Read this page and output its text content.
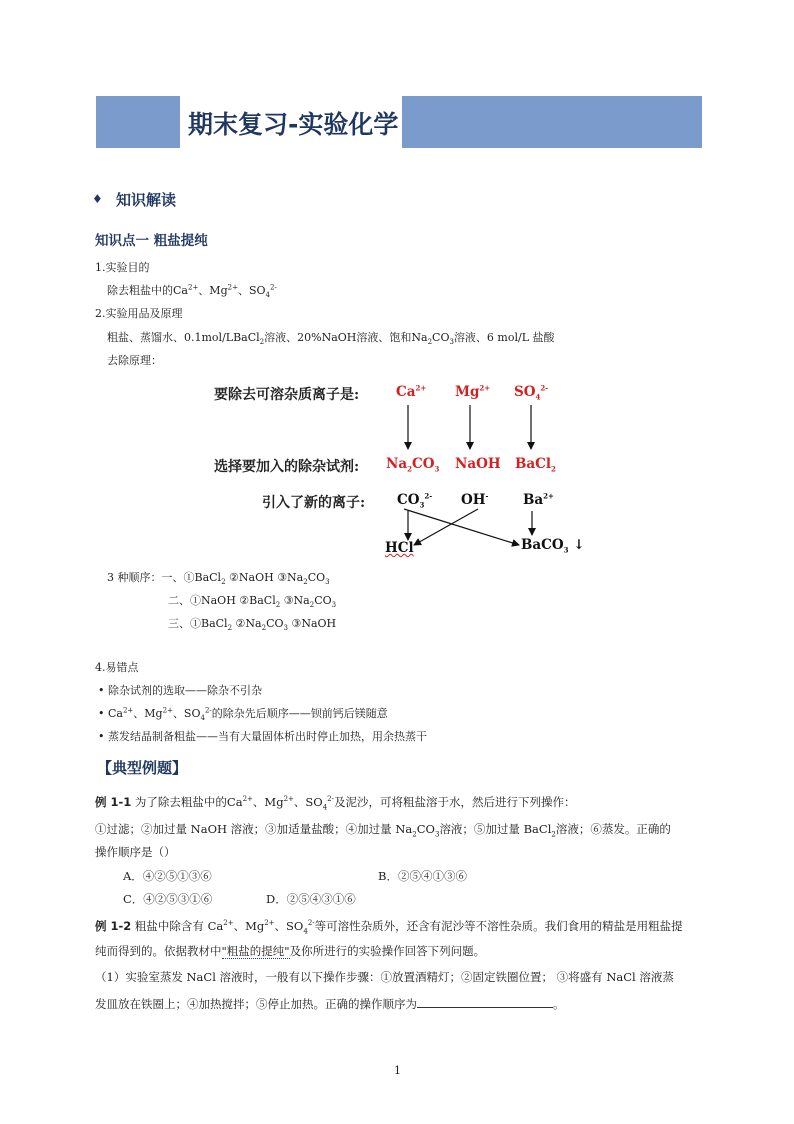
期末复习-实验化学
♦ 知识解读
知识点一 粗盐提纯
1.实验目的
除去粗盐中的$Ca^{2+}$、$Mg^{2+}$、$SO_4^{2-}$
2.实验用品及原理
粗盐、蒸馏水、0.1mol/LBaCl$_2$溶液、20%NaOH溶液、饱和$Na_2CO_3$溶液、6 mol/L 盐酸
去除原理：
要除去可溶杂质离子是:	$Ca^{2+}$ $Mg^{2+}$ $SO_4^{2-}$
选择要加入的除杂试剂: $Na_2CO_3$ NaOH BaCl$_2$
引入了新的离子: $CO_3^{2-}$ OH-	$Ba^{2+}$
HCl	BaCO$_3$ ↓
3 种顺序：一、①BaCl$_2$ ②NaOH $③Na_2CO_3$
二、①NaOH ②BaCl$_2$ $③Na_2CO_3$
三、①BaCl$_2$ $②Na_2CO_3$ ③NaOH
4.易错点
• 除杂试剂的选取——除杂不引杂
• $Ca^{2+}$、$Mg^{2+}$、$SO_4^{2-}$的除杂先后顺序——钡前钙后镁随意
• 蒸发结晶制备粗盐——当有大量固体析出时停止加热，用余热蒸干
【典型例题】
例 1-1 为了除去粗盐中的$Ca^{2+}$、$Mg^{2+}$、$SO_4^{2-}$及泥沙，可将粗盐溶于水，然后进行下列操作：
①过滤；②加过量 NaOH 溶液；③加适量盐酸；④加过量 $Na_2CO_3$溶液；⑤加过量 BaCl$_2$溶液；⑥蒸发。正确的
操作顺序是（）
A．④②⑤①③⑥	B．②⑤④①③⑥
C．④②⑤③①⑥	D．②⑤④③①⑥
例 1-2 粗盐中除含有 $Ca^{2+}$、$Mg^{2+}$、$SO_4^{2-}$等可溶性杂质外，还含有泥沙等不溶性杂质。我们食用的精盐是用粗盐提
纯而得到的。依据教材中"粗盐的提纯"及你所进行的实验操作回答下列问题。
（1）实验室蒸发 NaCl 溶液时，一般有以下操作步骤：①放置酒精灯；②固定铁圈位置； ③将盛有 NaCl 溶液蒸
发皿放在铁圈上；④加热搅拌；⑤停止加热。正确的操作顺序为	。
1
